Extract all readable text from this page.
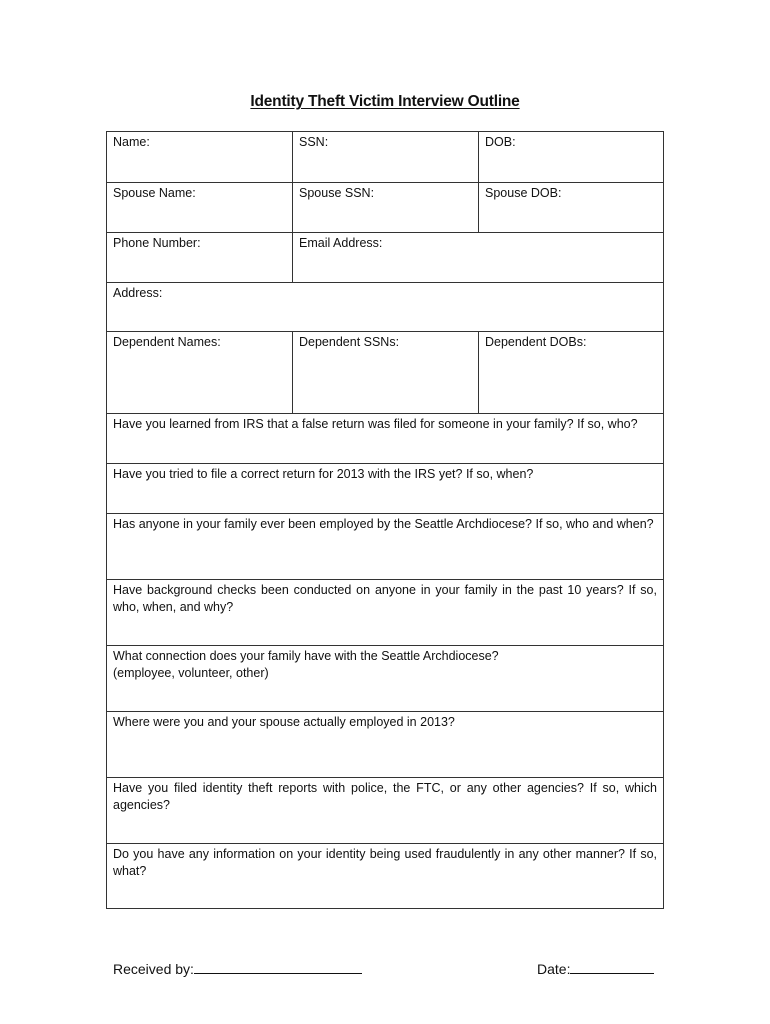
Identity Theft Victim Interview Outline
Name:	SSN:	DOB:
Spouse Name:	Spouse SSN:	Spouse DOB:
Phone Number:	Email Address:
Address:
Dependent Names:	Dependent SSNs:	Dependent DOBs:
Have you learned from IRS that a false return was filed for someone in your family? If so, who?
Have you tried to file a correct return for 2013 with the IRS yet? If so, when?
Has anyone in your family ever been employed by the Seattle Archdiocese? If so, who and when?
Have background checks been conducted on anyone in your family in the past 10 years? If so, who, when, and why?
What connection does your family have with the Seattle Archdiocese? (employee, volunteer, other)
Where were you and your spouse actually employed in 2013?
Have you filed identity theft reports with police, the FTC, or any other agencies? If so, which agencies?
Do you have any information on your identity being used fraudulently in any other manner? If so, what?
Received by:	Date:
